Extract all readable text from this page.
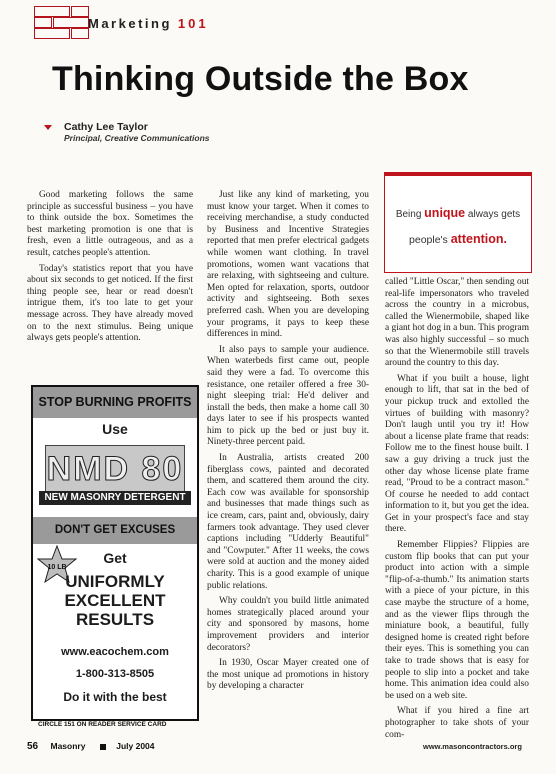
Marketing 101
Thinking Outside the Box
Cathy Lee Taylor
Principal, Creative Communications

Good marketing follows the same principle as successful business – you have to think outside the box. Sometimes the best marketing promotion is one that is fresh, even a little outrageous, and as a result, catches people's attention.

Today's statistics report that you have about six seconds to get noticed. If the first thing people see, hear or read doesn't intrigue them, it's too late to get your message across. They have already moved on to the next stimulus. Being unique always gets people's attention.

Just like any kind of marketing, you must know your target. When it comes to receiving merchandise, a study conducted by Business and Incentive Strategies reported that men prefer electrical gadgets while women want clothing. In travel promotions, women want vacations that are relaxing, with sightseeing and culture. Men opted for relaxation, sports, outdoor activity and sightseeing. Both sexes preferred cash. When you are developing your programs, it pays to keep these differences in mind.

It also pays to sample your audience. When waterbeds first came out, people said they were a fad. To overcome this resistance, one retailer offered a free 30-night sleeping trial: He'd deliver and install the beds, then make a home call 30 days later to see if his prospects wanted him to pick up the bed or just buy it. Ninety-three percent paid.

In Australia, artists created 200 fiberglass cows, painted and decorated them, and scattered them around the city. Each cow was available for sponsorship and businesses that made things such as ice cream, cars, paint and, obviously, dairy farmers took advantage. They used clever captions including "Udderly Beautiful" and "Cowputer." After 11 weeks, the cows were sold at auction and the money aided charity. This is a good example of unique public relations.

Why couldn't you build little animated homes strategically placed around your city and sponsored by masons, home improvement providers and interior decorators?

In 1930, Oscar Mayer created one of the most unique ad promotions in history by developing a character

Being unique always gets
people's attention.

called "Little Oscar," then sending out real-life impersonators who traveled across the country in a microbus, called the Wienermobile, shaped like a giant hot dog in a bun. This program was also highly successful – so much so that the Wienermobile still travels around the country to this day.

What if you built a house, light enough to lift, that sat in the bed of your pickup truck and extolled the virtues of building with masonry? Don't laugh until you try it! How about a license plate frame that reads: Follow me to the finest house built. I saw a guy driving a truck just the other day whose license plate frame read, "Proud to be a contract mason." Of course he needed to add contact information to it, but you get the idea. Get in your prospect's face and stay there.

Remember Flippies? Flippies are custom flip books that can put your product into action with a simple "flip-of-a-thumb." Its animation starts with a piece of your picture, in this case maybe the structure of a home, and as the viewer flips through the miniature book, a beautiful, fully designed home is created right before their eyes. This is something you can take to trade shows that is easy for people to slip into a pocket and take home. This animation idea could also be used on a web site.

What if you hired a fine art photographer to take shots of your com-

STOP BURNING PROFITS
Use
NMD 80
NEW MASONRY DETERGENT
DON'T GET EXCUSES
10 LB
Get
UNIFORMLY
EXCELLENT
RESULTS
www.eacochem.com
1-800-313-8505
Do it with the best
CIRCLE 151 ON READER SERVICE CARD
56 Masonry	July 2004	www.masoncontractors.org
